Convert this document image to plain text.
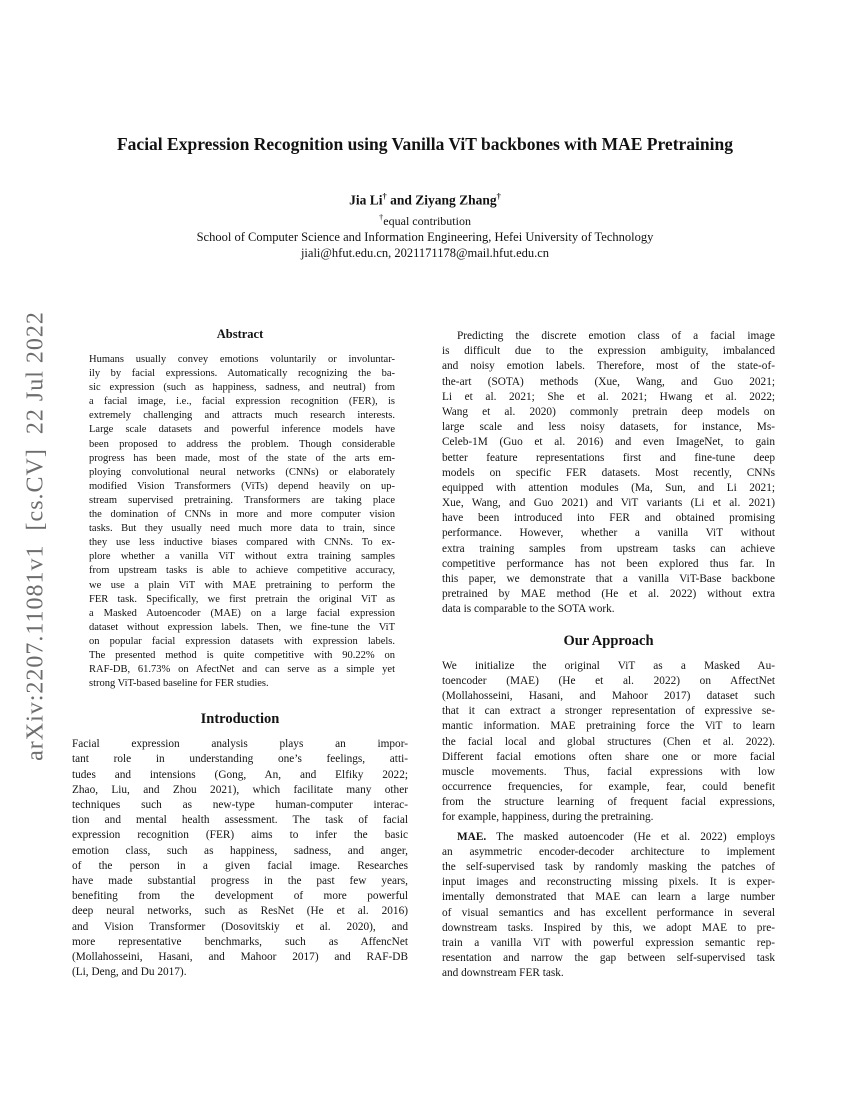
arXiv:2207.11081v1  [cs.CV]  22 Jul 2022
Facial Expression Recognition using Vanilla ViT backbones with MAE Pretraining
Jia Li† and Ziyang Zhang†
†equal contribution
School of Computer Science and Information Engineering, Hefei University of Technology
jiali@hfut.edu.cn, 2021171178@mail.hfut.edu.cn
Abstract
Humans usually convey emotions voluntarily or involuntar-
ily by facial expressions. Automatically recognizing the ba-
sic expression (such as happiness, sadness, and neutral) from
a facial image, i.e., facial expression recognition (FER), is
extremely challenging and attracts much research interests.
Large scale datasets and powerful inference models have
been proposed to address the problem. Though considerable
progress has been made, most of the state of the arts em-
ploying convolutional neural networks (CNNs) or elaborately
modified Vision Transformers (ViTs) depend heavily on up-
stream supervised pretraining. Transformers are taking place
the domination of CNNs in more and more computer vision
tasks. But they usually need much more data to train, since
they use less inductive biases compared with CNNs. To ex-
plore whether a vanilla ViT without extra training samples
from upstream tasks is able to achieve competitive accuracy,
we use a plain ViT with MAE pretraining to perform the
FER task. Specifically, we first pretrain the original ViT as
a Masked Autoencoder (MAE) on a large facial expression
dataset without expression labels. Then, we fine-tune the ViT
on popular facial expression datasets with expression labels.
The presented method is quite competitive with 90.22% on
RAF-DB, 61.73% on AfectNet and can serve as a simple yet
strong ViT-based baseline for FER studies.
Introduction
Facial expression analysis plays an impor-
tant role in understanding one’s feelings, atti-
tudes and intensions (Gong, An, and Elfiky 2022;
Zhao, Liu, and Zhou 2021), which facilitate many other
techniques such as new-type human-computer interac-
tion and mental health assessment. The task of facial
expression recognition (FER) aims to infer the basic
emotion class, such as happiness, sadness, and anger,
of the person in a given facial image. Researches
have made substantial progress in the past few years,
benefiting from the development of more powerful
deep neural networks, such as ResNet (He et al. 2016)
and Vision Transformer (Dosovitskiy et al. 2020), and
more representative benchmarks, such as AffencNet
(Mollahosseini, Hasani, and Mahoor 2017) and RAF-DB
(Li, Deng, and Du 2017).
Predicting the discrete emotion class of a facial image
is difficult due to the expression ambiguity, imbalanced
and noisy emotion labels. Therefore, most of the state-of-
the-art (SOTA) methods (Xue, Wang, and Guo 2021;
Li et al. 2021; She et al. 2021; Hwang et al. 2022;
Wang et al. 2020) commonly pretrain deep models on
large scale and less noisy datasets, for instance, Ms-
Celeb-1M (Guo et al. 2016) and even ImageNet, to gain
better feature representations first and fine-tune deep
models on specific FER datasets. Most recently, CNNs
equipped with attention modules (Ma, Sun, and Li 2021;
Xue, Wang, and Guo 2021) and ViT variants (Li et al. 2021)
have been introduced into FER and obtained promising
performance. However, whether a vanilla ViT without
extra training samples from upstream tasks can achieve
competitive performance has not been explored thus far. In
this paper, we demonstrate that a vanilla ViT-Base backbone
pretrained by MAE method (He et al. 2022) without extra
data is comparable to the SOTA work.
Our Approach
We initialize the original ViT as a Masked Au-
toencoder (MAE) (He et al. 2022) on AffectNet
(Mollahosseini, Hasani, and Mahoor 2017) dataset such
that it can extract a stronger representation of expressive se-
mantic information. MAE pretraining force the ViT to learn
the facial local and global structures (Chen et al. 2022).
Different facial emotions often share one or more facial
muscle movements. Thus, facial expressions with low
occurrence frequencies, for example, fear, could benefit
from the structure learning of frequent facial expressions,
for example, happiness, during the pretraining.
MAE. The masked autoencoder (He et al. 2022) employs
an asymmetric encoder-decoder architecture to implement
the self-supervised task by randomly masking the patches of
input images and reconstructing missing pixels. It is exper-
imentally demonstrated that MAE can learn a large number
of visual semantics and has excellent performance in several
downstream tasks. Inspired by this, we adopt MAE to pre-
train a vanilla ViT with powerful expression semantic rep-
resentation and narrow the gap between self-supervised task
and downstream FER task.
